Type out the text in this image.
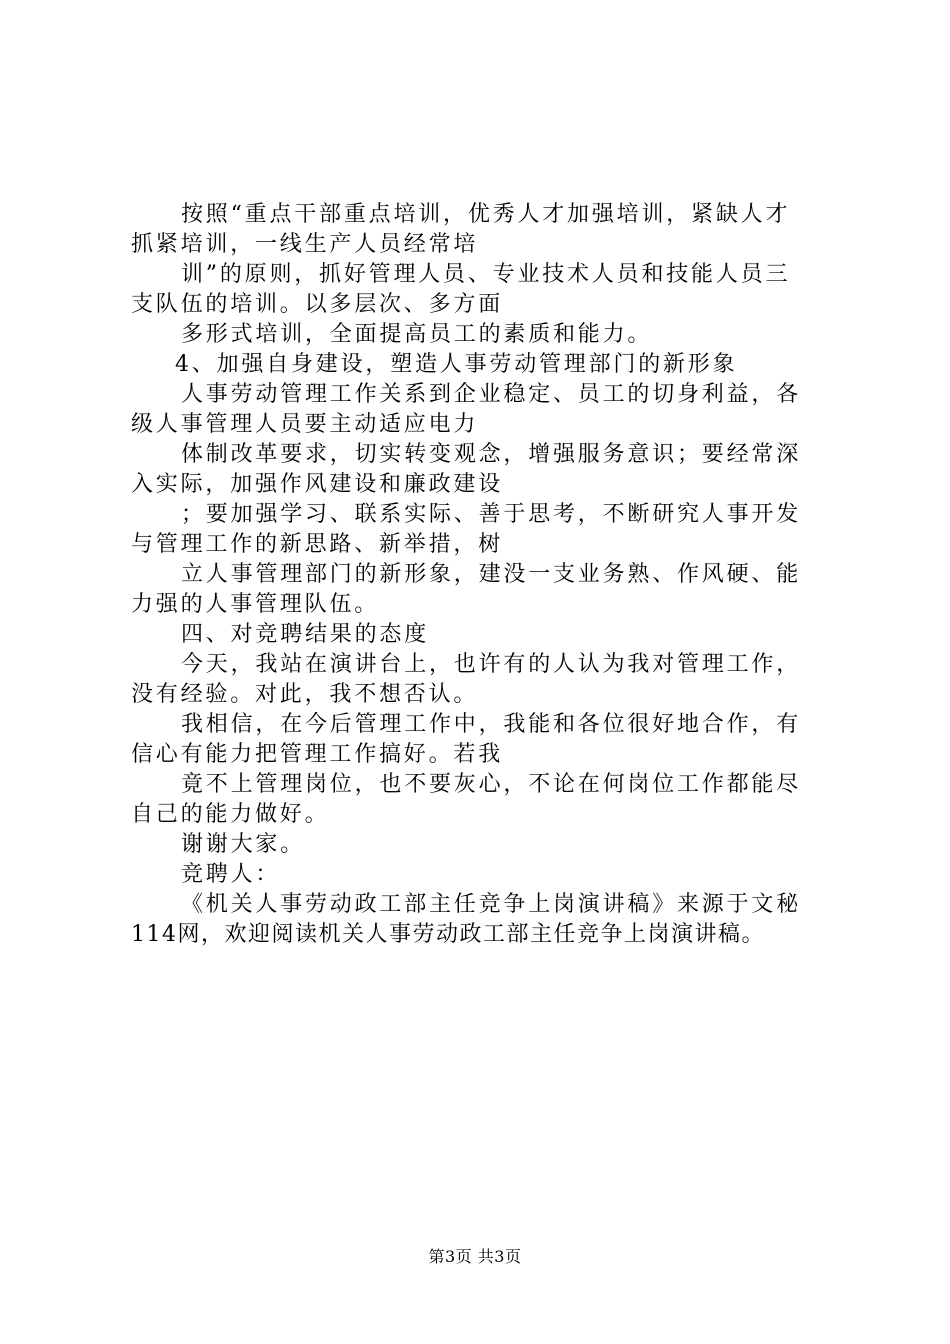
按照“重点干部重点培训，优秀人才加强培训，紧缺人才
抓紧培训，一线生产人员经常培
训”的原则，抓好管理人员、专业技术人员和技能人员三
支队伍的培训。以多层次、多方面
多形式培训，全面提高员工的素质和能力。
4、加强自身建设，塑造人事劳动管理部门的新形象
人事劳动管理工作关系到企业稳定、员工的切身利益，各
级人事管理人员要主动适应电力
体制改革要求，切实转变观念，增强服务意识；要经常深
入实际，加强作风建设和廉政建设
；要加强学习、联系实际、善于思考，不断研究人事开发
与管理工作的新思路、新举措，树
立人事管理部门的新形象，建没一支业务熟、作风硬、能
力强的人事管理队伍。
四、对竞聘结果的态度
今天，我站在演讲台上，也许有的人认为我对管理工作，
没有经验。对此，我不想否认。
我相信，在今后管理工作中，我能和各位很好地合作，有
信心有能力把管理工作搞好。若我
竟不上管理岗位，也不要灰心，不论在何岗位工作都能尽
自己的能力做好。
谢谢大家。
竞聘人：
《机关人事劳动政工部主任竞争上岗演讲稿》来源于文秘
114网，欢迎阅读机关人事劳动政工部主任竞争上岗演讲稿。
第3页 共3页
